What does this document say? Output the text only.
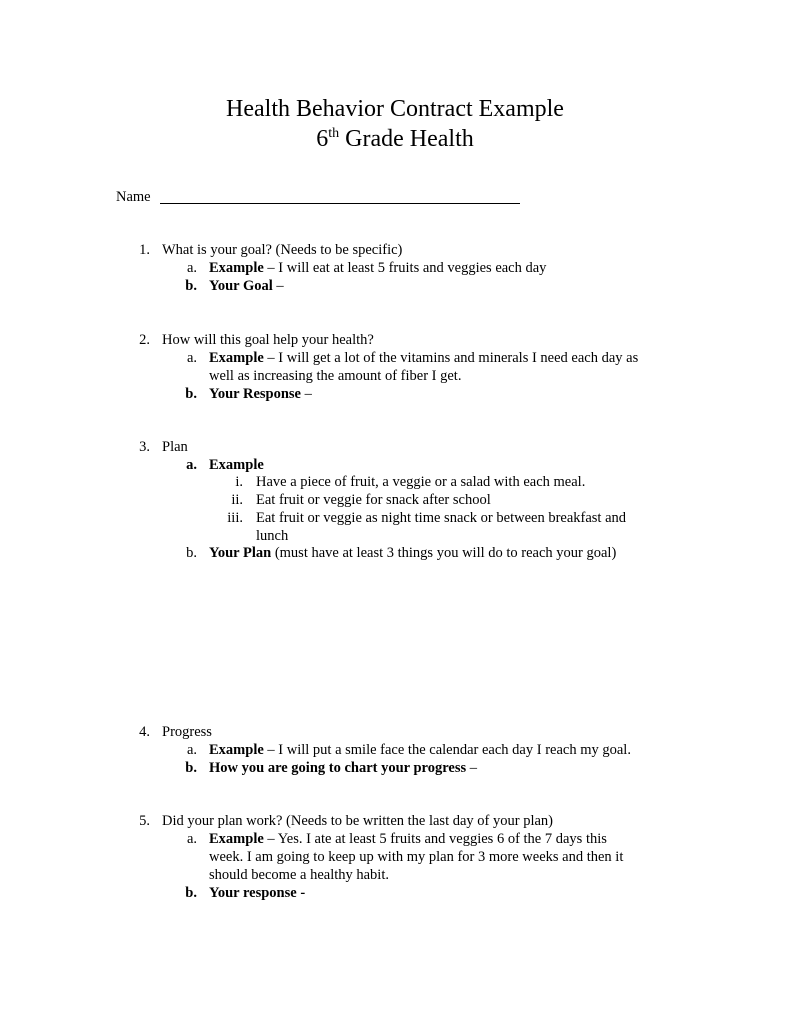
Health Behavior Contract Example
6th Grade Health
Name
1. What is your goal? (Needs to be specific)
a. Example – I will eat at least 5 fruits and veggies each day
b. Your Goal –
2. How will this goal help your health?
a. Example – I will get a lot of the vitamins and minerals I need each day as
well as increasing the amount of fiber I get.
b. Your Response –
3. Plan
a. Example
i. Have a piece of fruit, a veggie or a salad with each meal.
ii. Eat fruit or veggie for snack after school
iii. Eat fruit or veggie as night time snack or between breakfast and
lunch
b. Your Plan (must have at least 3 things you will do to reach your goal)
4. Progress
a. Example – I will put a smile face the calendar each day I reach my goal.
b. How you are going to chart your progress –
5. Did your plan work? (Needs to be written the last day of your plan)
a. Example – Yes. I ate at least 5 fruits and veggies 6 of the 7 days this
week. I am going to keep up with my plan for 3 more weeks and then it
should become a healthy habit.
b. Your response -
